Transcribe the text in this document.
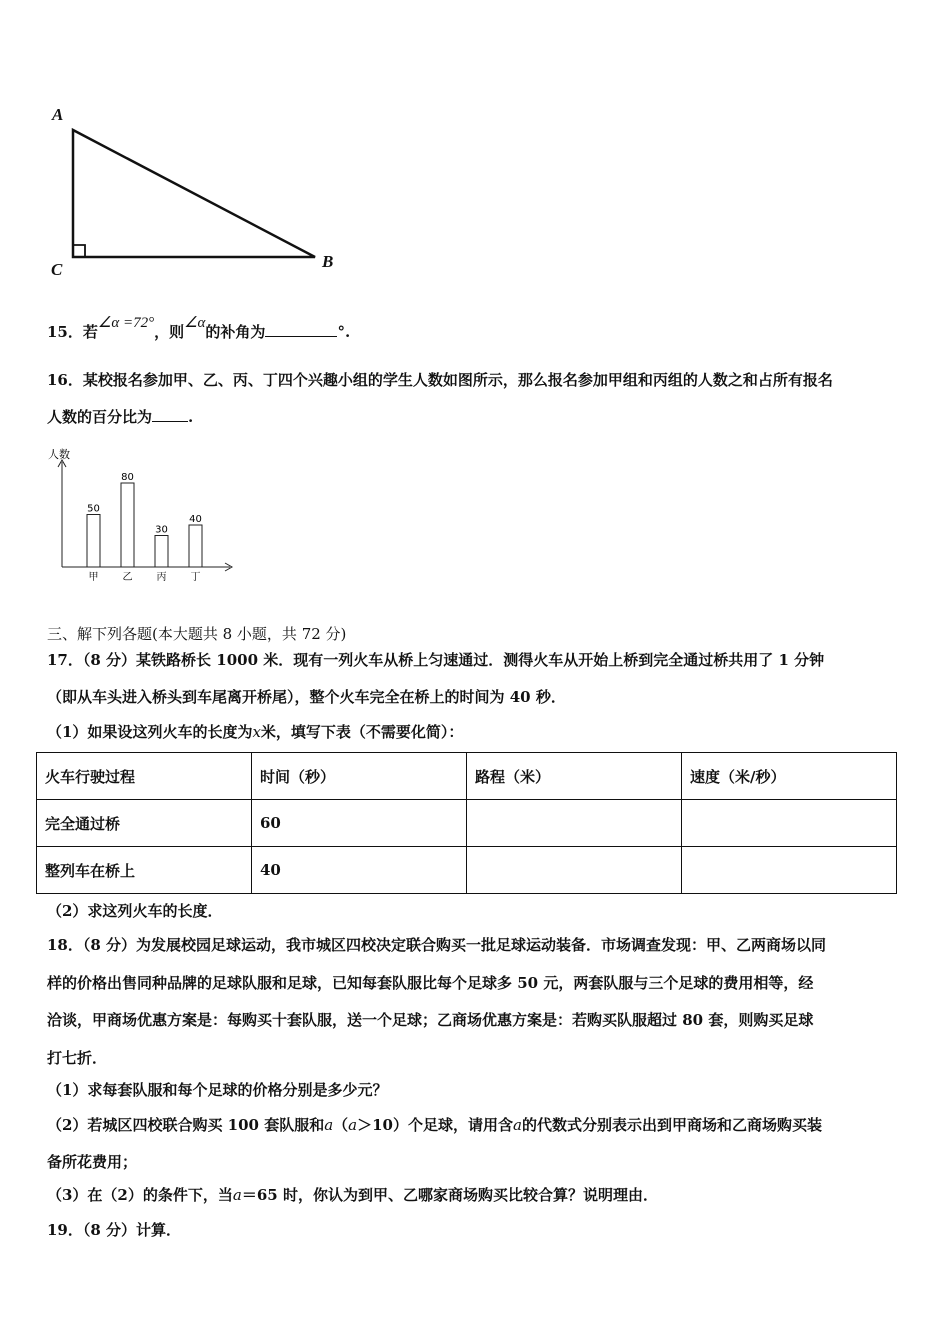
A
C	B
15．若∠α =72°，则∠α的补角为	°.
16．某校报名参加甲、乙、丙、丁四个兴趣小组的学生人数如图所示，那么报名参加甲组和丙组的人数之和占所有报名
人数的百分比为 .
人数
50
甲
80
乙
30
丙
40
丁
三、解下列各题(本大题共 8 小题，共 72 分)
17．（8 分）某铁路桥长 1000 米．现有一列火车从桥上匀速通过．测得火车从开始上桥到完全通过桥共用了 1 分钟
（即从车头进入桥头到车尾离开桥尾），整个火车完全在桥上的时间为 40 秒．
（1）如果设这列火车的长度为x米，填写下表（不需要化简）：
火车行驶过程	时间（秒）	路程（米）	速度（米/秒）
完全通过桥	60		
整列车在桥上	40		
（2）求这列火车的长度．
18．（8 分）为发展校园足球运动，我市城区四校决定联合购买一批足球运动装备．市场调查发现：甲、乙两商场以同
样的价格出售同种品牌的足球队服和足球，已知每套队服比每个足球多 50 元，两套队服与三个足球的费用相等，经
洽谈，甲商场优惠方案是：每购买十套队服，送一个足球；乙商场优惠方案是：若购买队服超过 80 套，则购买足球
打七折．
（1）求每套队服和每个足球的价格分别是多少元？
（2）若城区四校联合购买 100 套队服和a（a＞10）个足球，请用含a的代数式分别表示出到甲商场和乙商场购买装
备所花费用；
（3）在（2）的条件下，当a＝65 时，你认为到甲、乙哪家商场购买比较合算？说明理由．
19．（8 分）计算．
